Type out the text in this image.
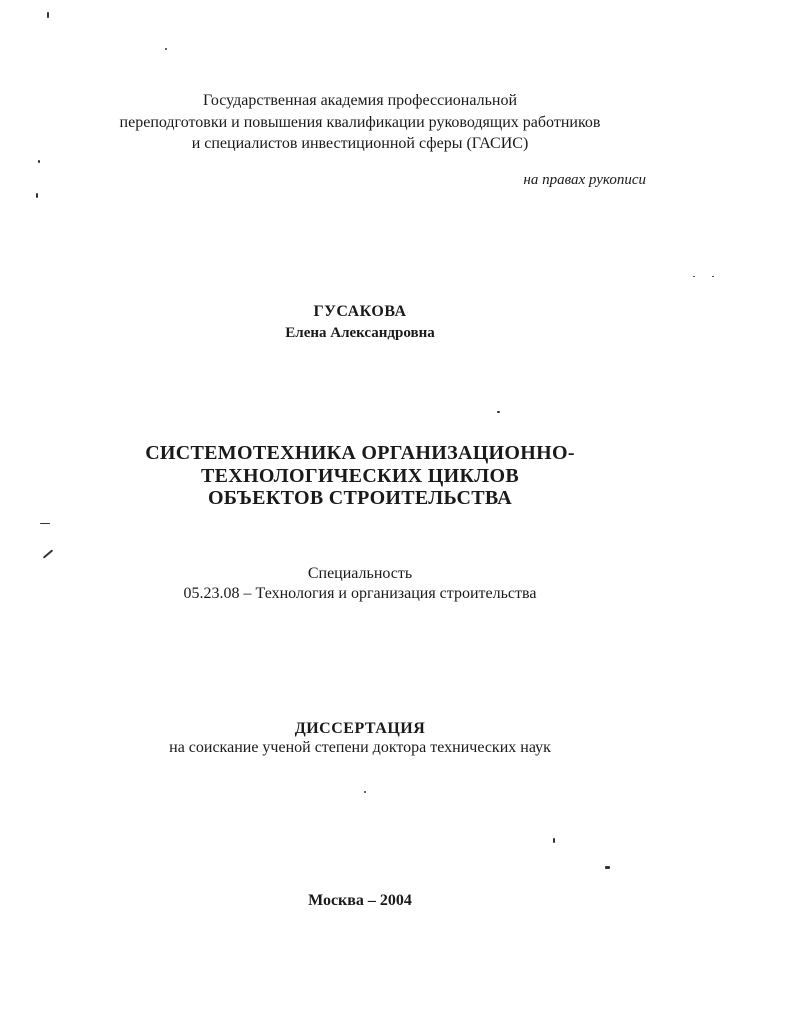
Государственная академия профессиональной
переподготовки и повышения квалификации руководящих работников
и специалистов инвестиционной сферы (ГАСИС)
на правах рукописи
ГУСАКОВА
Елена Александровна
СИСТЕМОТЕХНИКА ОРГАНИЗАЦИОННО-
ТЕХНОЛОГИЧЕСКИХ ЦИКЛОВ
ОБЪЕКТОВ СТРОИТЕЛЬСТВА
Специальность
05.23.08 – Технология и организация строительства
ДИССЕРТАЦИЯ
на соискание ученой степени доктора технических наук
Москва – 2004
